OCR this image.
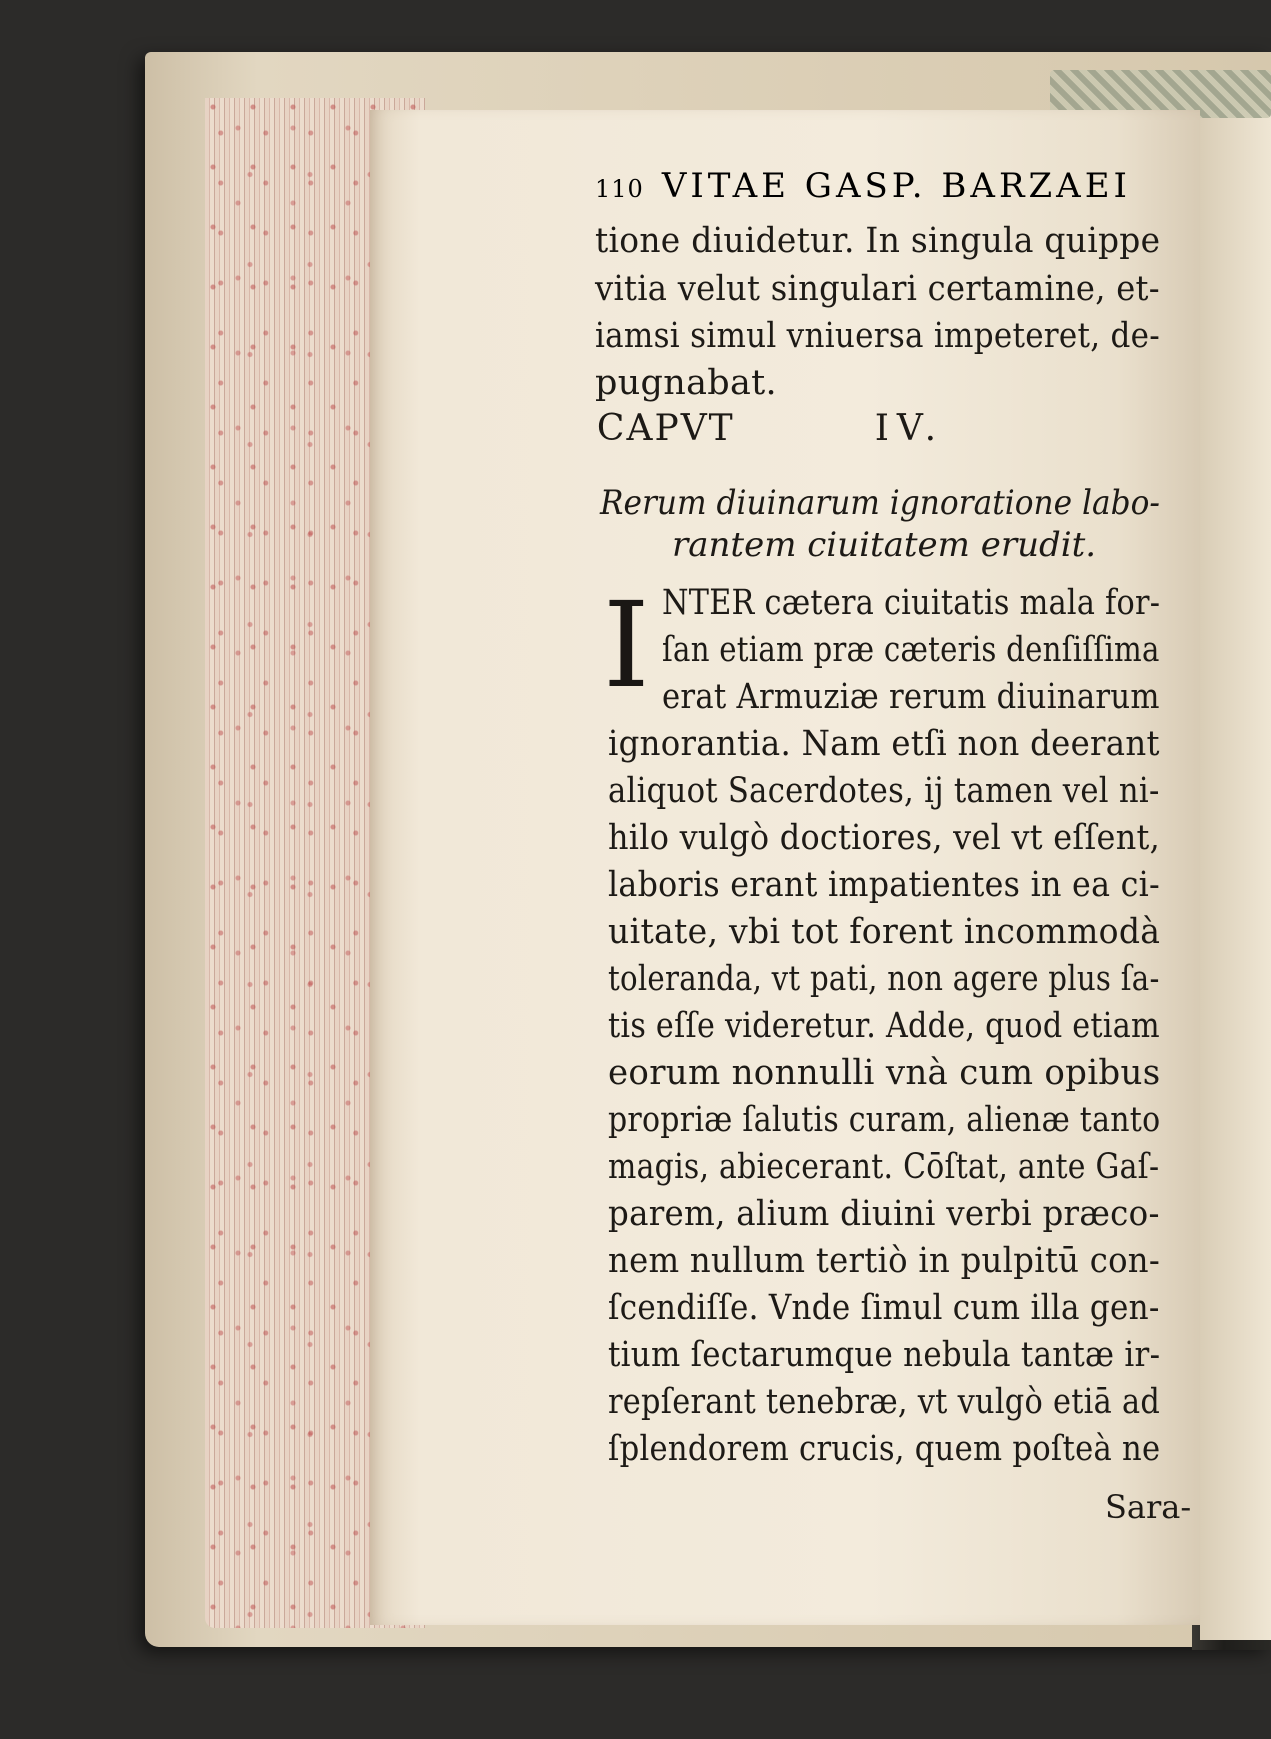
110 VITAE GASP. BARZAEI
tione diuidetur. In singula quippe
vitia velut singulari certamine, et-
iamsi simul vniuersa impeteret, de-
pugnabat.
CAPVT	IV.
Rerum diuinarum ignoratione labo-
rantem ciuitatem erudit.
I NTER cætera ciuitatis mala for-
ſan etiam præ cæteris denſiſſima
erat Armuziæ rerum diuinarum
ignorantia. Nam etſi non deerant
aliquot Sacerdotes, ij tamen vel ni-
hilo vulgò doctiores, vel vt eſſent,
laboris erant impatientes in ea ci-
uitate, vbi tot forent incommodà
toleranda, vt pati, non agere plus ſa-
tis eſſe videretur. Adde, quod etiam
eorum nonnulli vnà cum opibus
propriæ ſalutis curam, alienæ tanto
magis, abiecerant. Cōſtat, ante Gaſ-
parem, alium diuini verbi præco-
nem nullum tertiò in pulpitū con-
ſcendiſſe. Vnde ſimul cum illa gen-
tium ſectarumque nebula tantæ ir-
repſerant tenebræ, vt vulgò etiā ad
ſplendorem crucis, quem poſteà ne
Sara-
